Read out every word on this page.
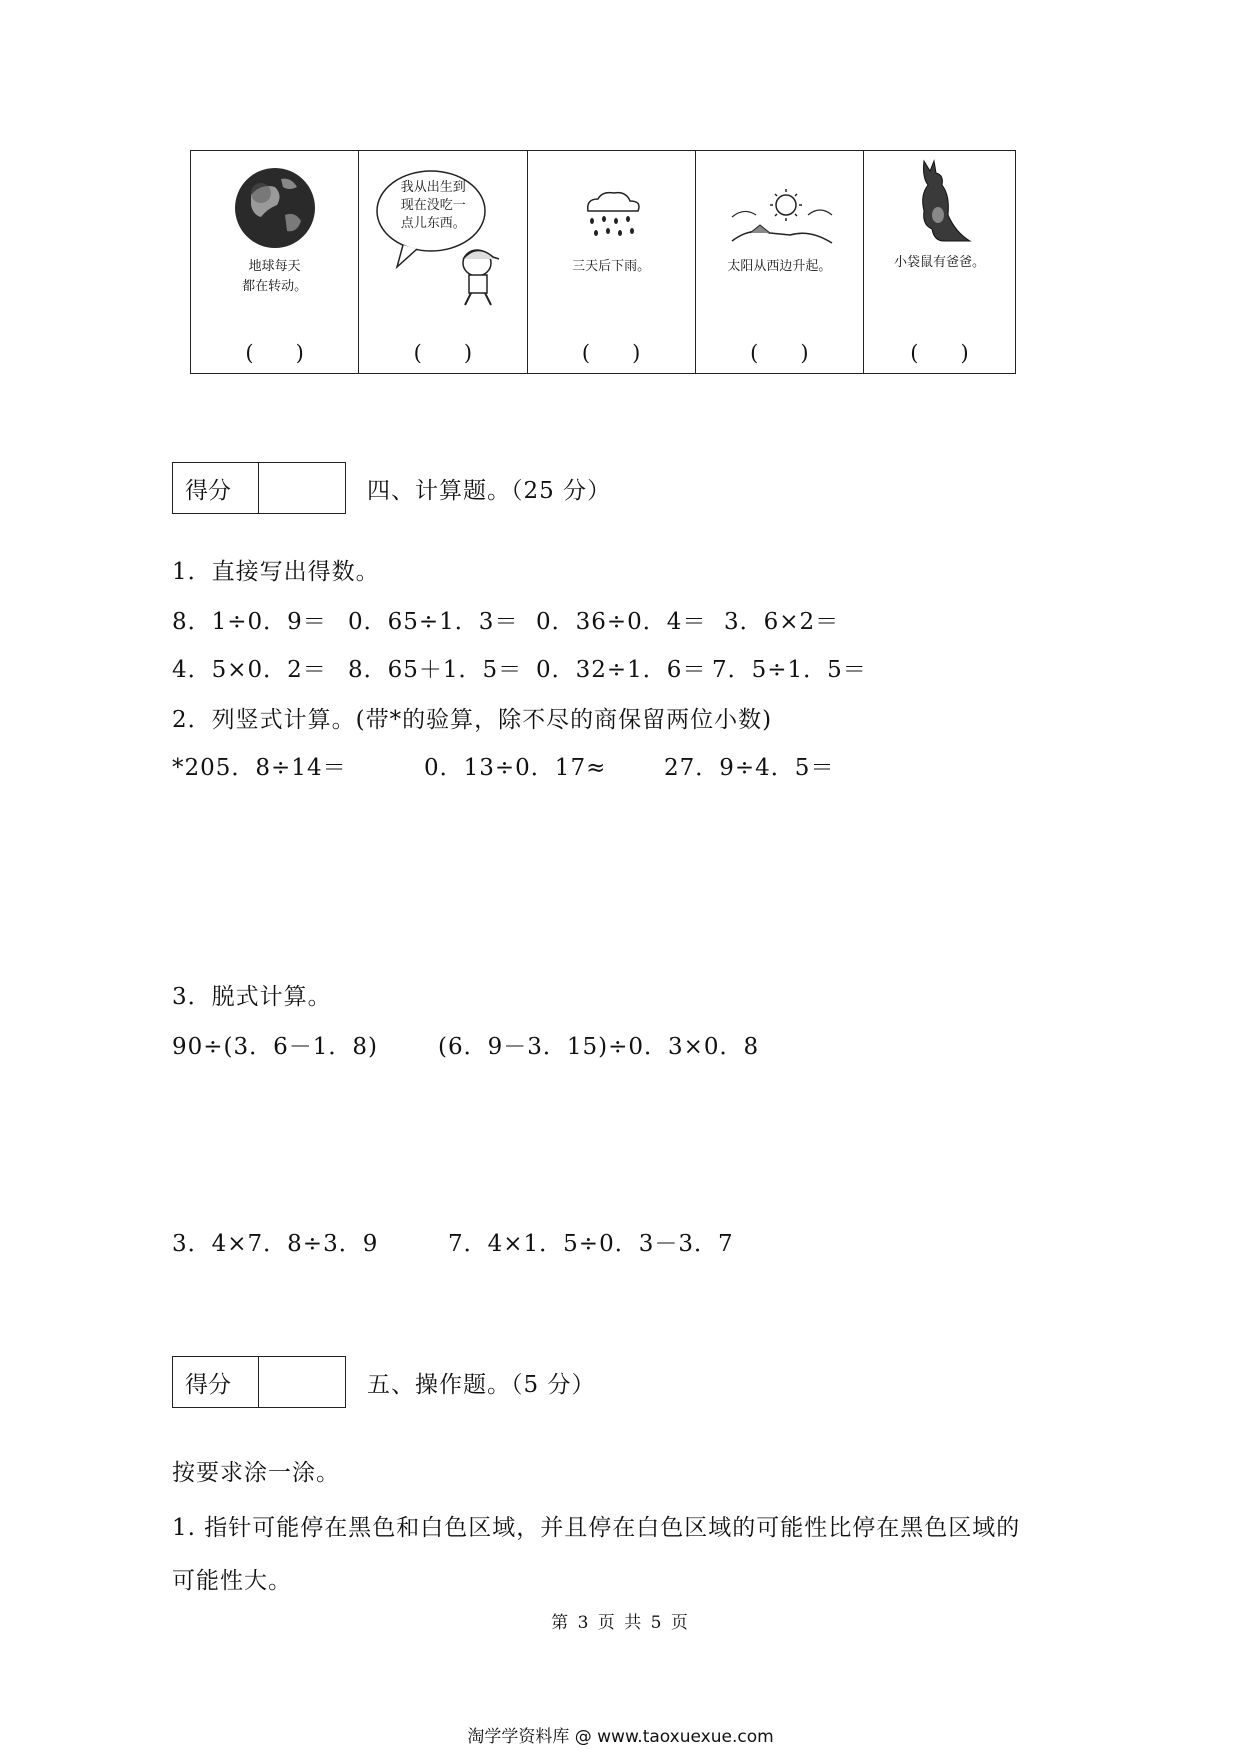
地球每天
都在转动。
(　　)
我从出生到
现在没吃一
点儿东西。
(　　)
三天后下雨。
(　　)
太阳从西边升起。
(　　)
小袋鼠有爸爸。
(　　)
得分	四、计算题。（25 分）
1．直接写出得数。
8．1÷0．9＝ 0．65÷1．3＝ 0．36÷0．4＝ 3．6×2＝
4．5×0．2＝ 8．65＋1．5＝ 0．32÷1．6＝ 7．5÷1．5＝
2．列竖式计算。(带*的验算，除不尽的商保留两位小数)
*205．8÷14＝	0．13÷0．17≈	27．9÷4．5＝
3．脱式计算。
90÷(3．6－1．8)	(6．9－3．15)÷0．3×0．8
3．4×7．8÷3．9	7．4×1．5÷0．3－3．7
得分	五、操作题。（5 分）
按要求涂一涂。
1. 指针可能停在黑色和白色区域，并且停在白色区域的可能性比停在黑色区域的
可能性大。
第 3 页 共 5 页
淘学学资料库 @ www.taoxuexue.com
